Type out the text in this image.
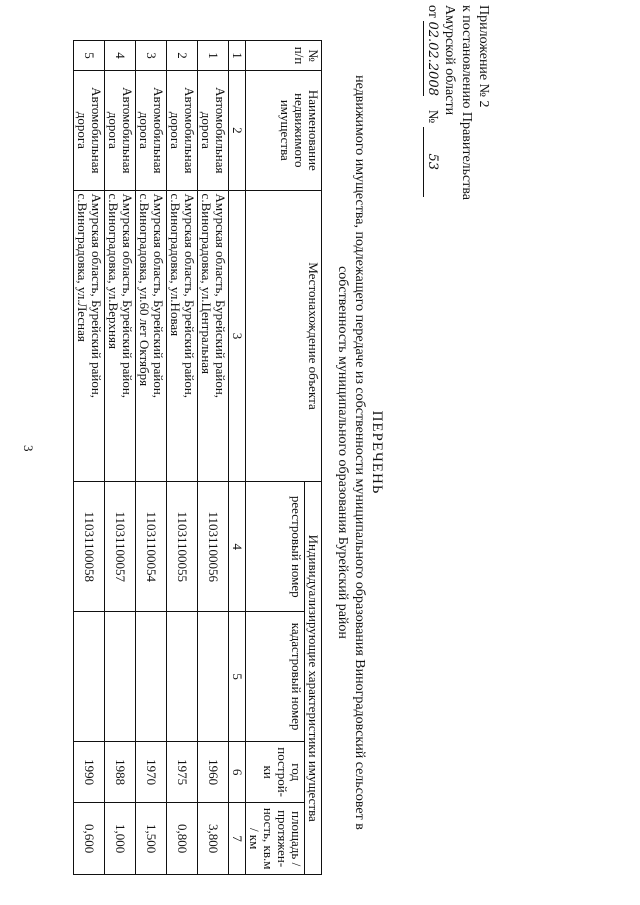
3
Приложение № 2
к постановлению Правительства
Амурской области
от 02.02.2008    № 53
ПЕРЕЧЕНЬ
недвижимого имущества, подлежащего передаче из собственности муниципального образования Виноградовский сельсовет в
собственность муниципального образования Бурейский район
№ п/п	Наименование недвижимого имущества	Местонахождение объекта	Индивидуализирующие характеристики имущества			
			реестровый номер	кадастровый номер	год построй-ки	площадь / протяжен-ность, кв.м / км
1	2	3	4	5	6	7
1	Автомобильная дорога	Амурская область, Бурейский район,
с.Виноградовка, ул.Центральная	11031100056		1960	3,800
2	Автомобильная дорога	Амурская область, Бурейский район,
с.Виноградовка, ул.Новая	11031100055		1975	0,800
3	Автомобильная дорога	Амурская область, Бурейский район,
с.Виноградовка, ул.60 лет Октября	11031100054		1970	1,500
4	Автомобильная дорога	Амурская область, Бурейский район,
с.Виноградовка, ул.Верхняя	11031100057		1988	1,000
5	Автомобильная дорога	Амурская область, Бурейский район,
с.Виноградовка, ул.Лесная	11031100058		1990	0,600
